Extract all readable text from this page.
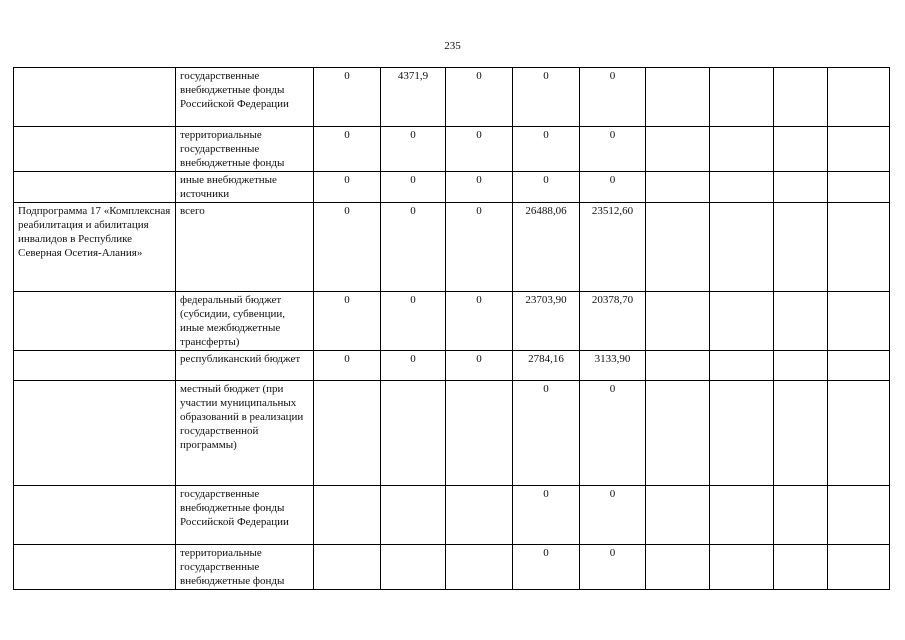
235
	государственные внебюджетные фонды Российской Федерации	0	4371,9	0	0	0				
	территориальные государственные внебюджетные фонды	0	0	0	0	0				
	иные внебюджетные источники	0	0	0	0	0				
Подпрограмма 17 «Комплексная реабилитация и абилитация инвалидов в Республике Северная Осетия-Алания»	всего	0	0	0	26488,06	23512,60				
	федеральный бюджет (субсидии, субвенции, иные межбюджетные трансферты)	0	0	0	23703,90	20378,70				
	республиканский бюджет	0	0	0	2784,16	3133,90				
	местный бюджет (при участии муниципальных образований в реализации государственной программы)				0	0				
	государственные внебюджетные фонды Российской Федерации				0	0				
	территориальные государственные внебюджетные фонды				0	0				
